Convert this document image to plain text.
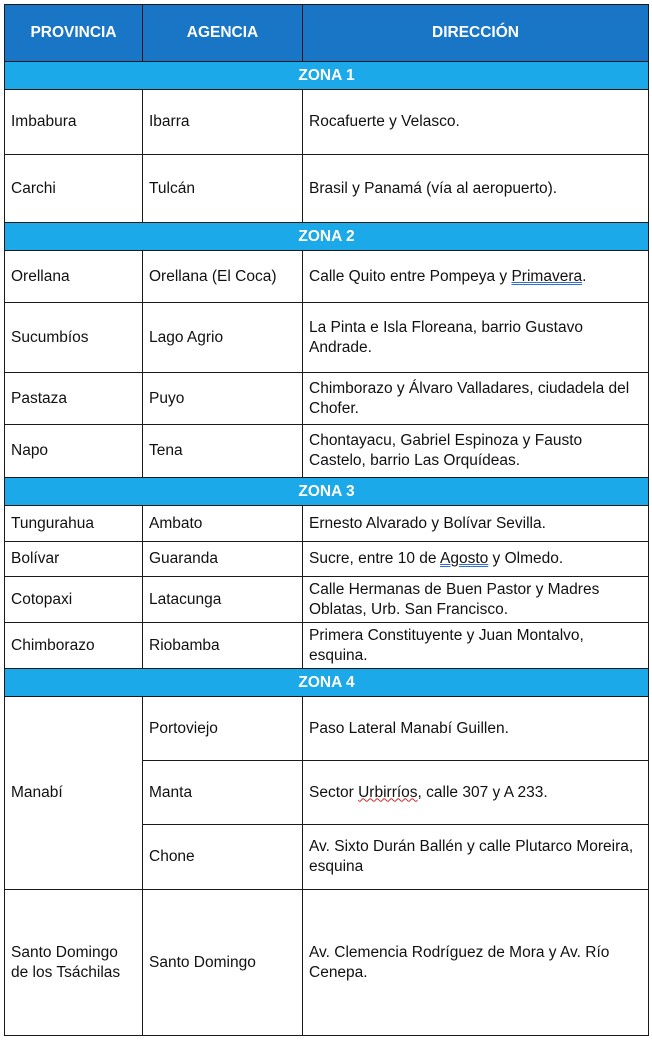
PROVINCIA	AGENCIA	DIRECCIÓN
ZONA 1		
Imbabura	Ibarra	Rocafuerte y Velasco.
Carchi	Tulcán	Brasil y Panamá (vía al aeropuerto).
ZONA 2		
Orellana	Orellana (El Coca)	Calle Quito entre Pompeya y Primavera.
Sucumbíos	Lago Agrio	La Pinta e Isla Floreana, barrio Gustavo Andrade.
Pastaza	Puyo	Chimborazo y Álvaro Valladares, ciudadela del Chofer.
Napo	Tena	Chontayacu, Gabriel Espinoza y Fausto Castelo, barrio Las Orquídeas.
ZONA 3		
Tungurahua	Ambato	Ernesto Alvarado y Bolívar Sevilla.
Bolívar	Guaranda	Sucre, entre 10 de Agosto y Olmedo.
Cotopaxi	Latacunga	Calle Hermanas de Buen Pastor y Madres Oblatas, Urb. San Francisco.
Chimborazo	Riobamba	Primera Constituyente y Juan Montalvo, esquina.
ZONA 4		
Manabí	Portoviejo	Paso Lateral Manabí Guillen.
	Manta	Sector Urbirríos, calle 307 y A 233.
	Chone	Av. Sixto Durán Ballén y calle Plutarco Moreira, esquina
Santo Domingo de los Tsáchilas	Santo Domingo	Av. Clemencia Rodríguez de Mora y Av. Río Cenepa.
